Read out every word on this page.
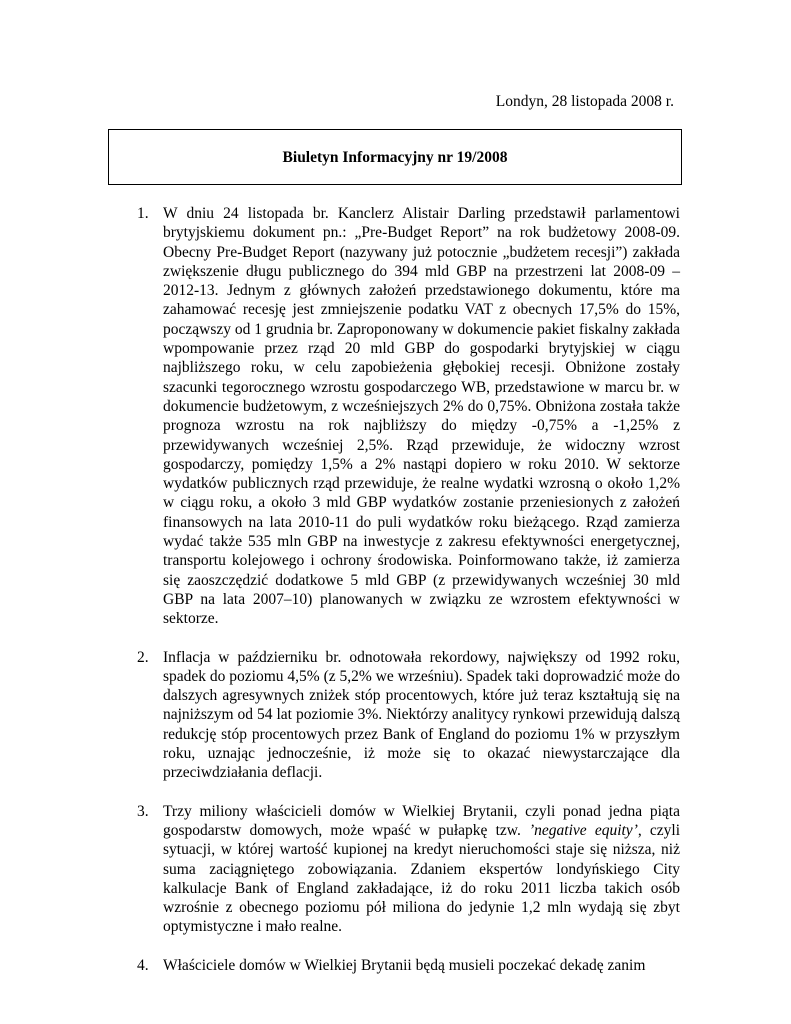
Londyn, 28 listopada 2008 r.

Biuletyn Informacyjny nr 19/2008

1. W dniu 24 listopada br. Kanclerz Alistair Darling przedstawił parlamentowi brytyjskiemu dokument pn.: „Pre-Budget Report” na rok budżetowy 2008-09. Obecny Pre-Budget Report (nazywany już potocznie „budżetem recesji”) zakłada zwiększenie długu publicznego do 394 mld GBP na przestrzeni lat 2008-09 – 2012-13. Jednym z głównych założeń przedstawionego dokumentu, które ma zahamować recesję jest zmniejszenie podatku VAT z obecnych 17,5% do 15%, począwszy od 1 grudnia br. Zaproponowany w dokumencie pakiet fiskalny zakłada wpompowanie przez rząd 20 mld GBP do gospodarki brytyjskiej w ciągu najbliższego roku, w celu zapobieżenia głębokiej recesji. Obniżone zostały szacunki tegorocznego wzrostu gospodarczego WB, przedstawione w marcu br. w dokumencie budżetowym, z wcześniejszych 2% do 0,75%. Obniżona została także prognoza wzrostu na rok najbliższy do między -0,75% a -1,25% z przewidywanych wcześniej 2,5%. Rząd przewiduje, że widoczny wzrost gospodarczy, pomiędzy 1,5% a 2% nastąpi dopiero w roku 2010. W sektorze wydatków publicznych rząd przewiduje, że realne wydatki wzrosną o około 1,2% w ciągu roku, a około 3 mld GBP wydatków zostanie przeniesionych z założeń finansowych na lata 2010-11 do puli wydatków roku bieżącego. Rząd zamierza wydać także 535 mln GBP na inwestycje z zakresu efektywności energetycznej, transportu kolejowego i ochrony środowiska. Poinformowano także, iż zamierza się zaoszczędzić dodatkowe 5 mld GBP (z przewidywanych wcześniej 30 mld GBP na lata 2007–10) planowanych w związku ze wzrostem efektywności w sektorze.
2. Inflacja w październiku br. odnotowała rekordowy, największy od 1992 roku, spadek do poziomu 4,5% (z 5,2% we wrześniu). Spadek taki doprowadzić może do dalszych agresywnych zniżek stóp procentowych, które już teraz kształtują się na najniższym od 54 lat poziomie 3%. Niektórzy analitycy rynkowi przewidują dalszą redukcję stóp procentowych przez Bank of England do poziomu 1% w przyszłym roku, uznając jednocześnie, iż może się to okazać niewystarczające dla przeciwdziałania deflacji.
3. Trzy miliony właścicieli domów w Wielkiej Brytanii, czyli ponad jedna piąta gospodarstw domowych, może wpaść w pułapkę tzw. ’negative equity’, czyli sytuacji, w której wartość kupionej na kredyt nieruchomości staje się niższa, niż suma zaciągniętego zobowiązania. Zdaniem ekspertów londyńskiego City kalkulacje Bank of England zakładające, iż do roku 2011 liczba takich osób wzrośnie z obecnego poziomu pół miliona do jedynie 1,2 mln wydają się zbyt optymistyczne i mało realne.
4. Właściciele domów w Wielkiej Brytanii będą musieli poczekać dekadę zanim
